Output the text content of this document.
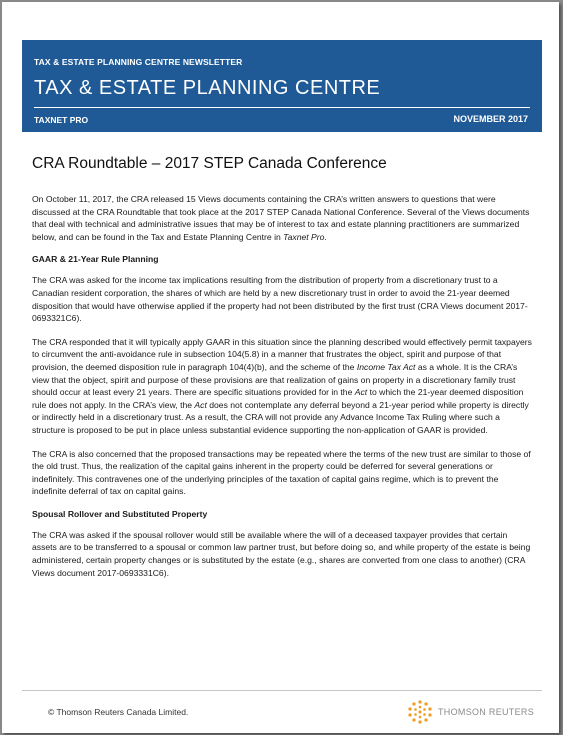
TAX & ESTATE PLANNING CENTRE NEWSLETTER
TAX & ESTATE PLANNING CENTRE
TAXNET PRO	NOVEMBER 2017
CRA Roundtable – 2017 STEP Canada Conference

On October 11, 2017, the CRA released 15 Views documents containing the CRA’s written answers to questions that were discussed at the CRA Roundtable that took place at the 2017 STEP Canada National Conference. Several of the Views documents that deal with technical and administrative issues that may be of interest to tax and estate planning practitioners are summarized below, and can be found in the Tax and Estate Planning Centre in Taxnet Pro.

GAAR & 21-Year Rule Planning

The CRA was asked for the income tax implications resulting from the distribution of property from a discretionary trust to a Canadian resident corporation, the shares of which are held by a new discretionary trust in order to avoid the 21-year deemed disposition that would have otherwise applied if the property had not been distributed by the first trust (CRA Views document 2017-0693321C6).

The CRA responded that it will typically apply GAAR in this situation since the planning described would effectively permit taxpayers to circumvent the anti-avoidance rule in subsection 104(5.8) in a manner that frustrates the object, spirit and purpose of that provision, the deemed disposition rule in paragraph 104(4)(b), and the scheme of the Income Tax Act as a whole. It is the CRA’s view that the object, spirit and purpose of these provisions are that realization of gains on property in a discretionary family trust should occur at least every 21 years. There are specific situations provided for in the Act to which the 21-year deemed disposition rule does not apply. In the CRA’s view, the Act does not contemplate any deferral beyond a 21-year period while property is directly or indirectly held in a discretionary trust. As a result, the CRA will not provide any Advance Income Tax Ruling where such a structure is proposed to be put in place unless substantial evidence supporting the non-application of GAAR is provided.

The CRA is also concerned that the proposed transactions may be repeated where the terms of the new trust are similar to those of the old trust. Thus, the realization of the capital gains inherent in the property could be deferred for several generations or indefinitely. This contravenes one of the underlying principles of the taxation of capital gains regime, which is to prevent the indefinite deferral of tax on capital gains.

Spousal Rollover and Substituted Property

The CRA was asked if the spousal rollover would still be available where the will of a deceased taxpayer provides that certain assets are to be transferred to a spousal or common law partner trust, but before doing so, and while property of the estate is being administered, certain property changes or is substituted by the estate (e.g., shares are converted from one class to another) (CRA Views document 2017-0693331C6).

© Thomson Reuters Canada Limited.	THOMSON REUTERS
